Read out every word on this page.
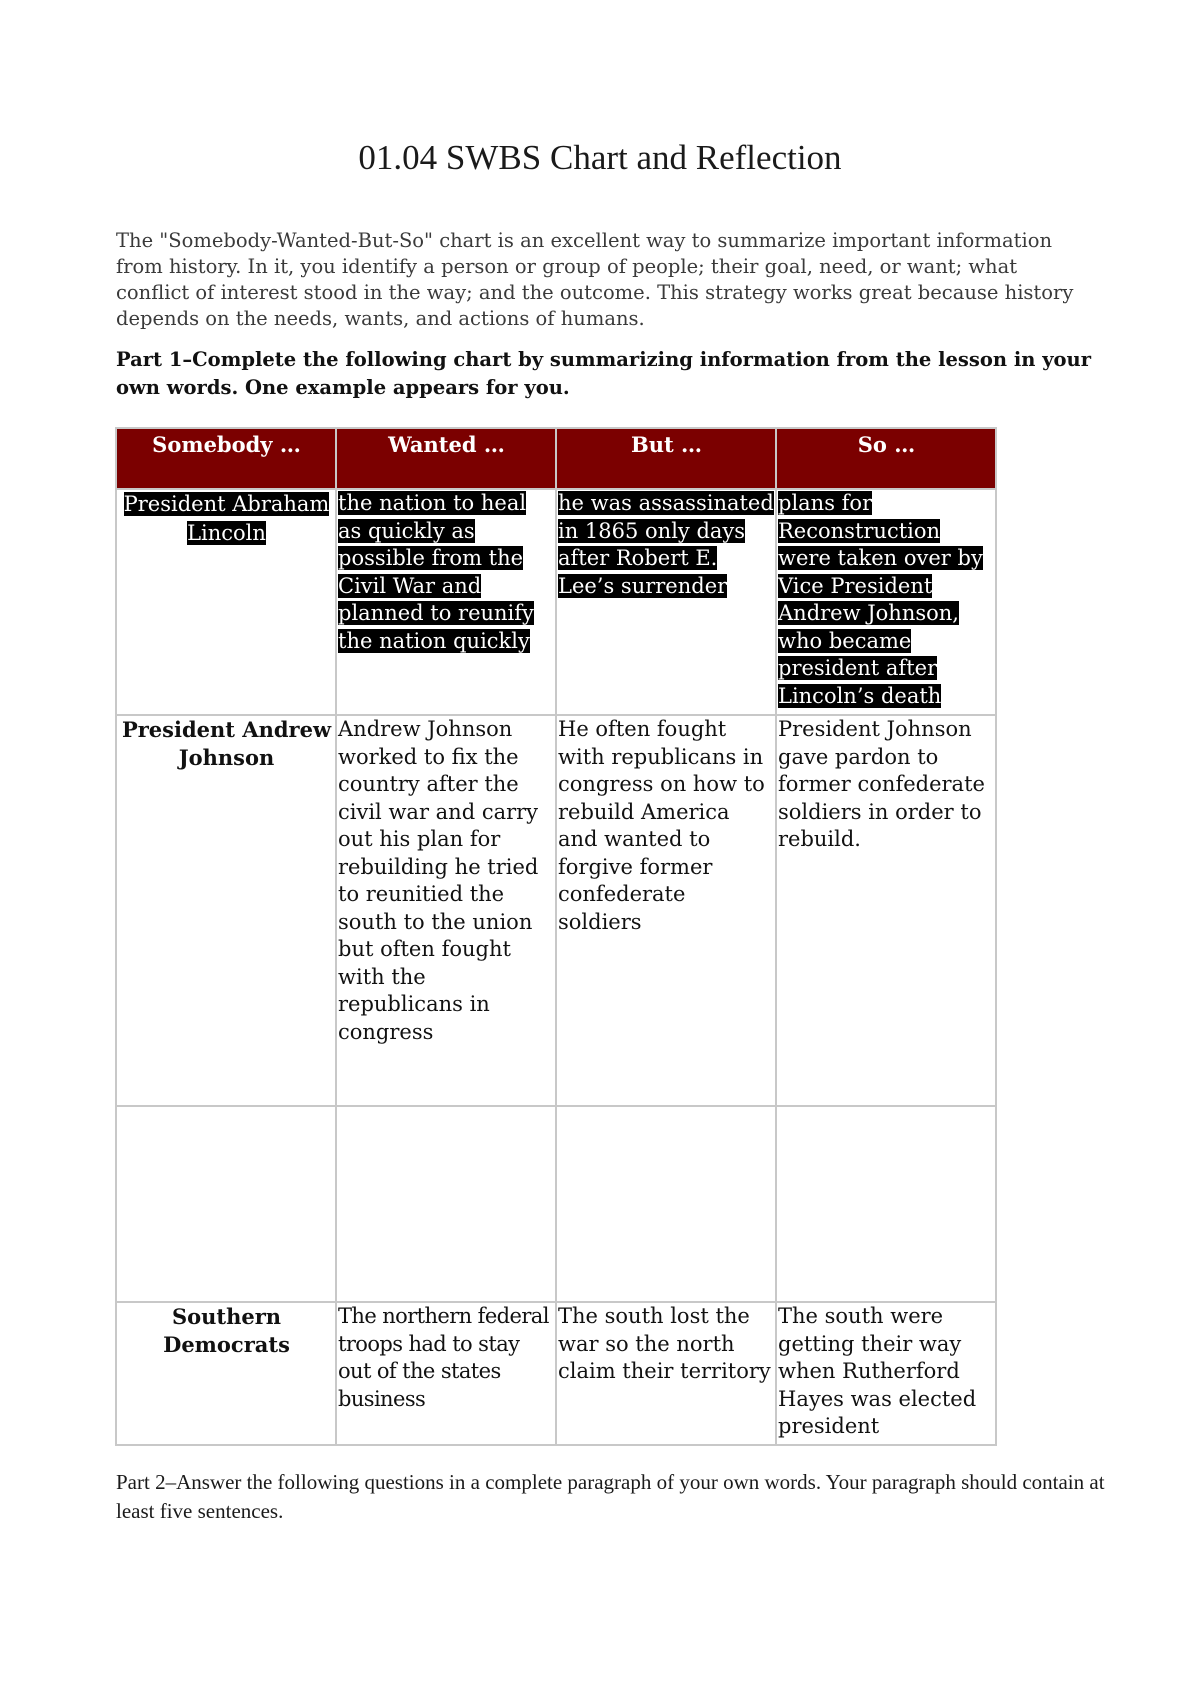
01.04 SWBS Chart and Reflection

The "Somebody-Wanted-But-So" chart is an excellent way to summarize important information from history. In it, you identify a person or group of people; their goal, need, or want; what conflict of interest stood in the way; and the outcome. This strategy works great because history depends on the needs, wants, and actions of humans.

Part 1–Complete the following chart by summarizing information from the lesson in your own words. One example appears for you.

Somebody …	Wanted …	But …	So …
President Abraham Lincoln	the nation to heal as quickly as possible from the Civil War and planned to reunify the nation quickly	he was assassinated in 1865 only days after Robert E. Lee’s surrender	plans for Reconstruction were taken over by Vice President Andrew Johnson, who became president after Lincoln’s death
President Andrew Johnson	Andrew Johnson worked to fix the country after the civil war and carry out his plan for rebuilding he tried to reunitied the south to the union but often fought with the republicans in congress	He often fought with republicans in congress on how to rebuild America and wanted to forgive former confederate soldiers	President Johnson gave pardon to former confederate soldiers in order to rebuild.

Southern Democrats	The northern federal troops had to stay out of the states business	The south lost the war so the north claim their territory	The south were getting their way when Rutherford Hayes was elected president

Part 2–Answer the following questions in a complete paragraph of your own words. Your paragraph should contain at least five sentences.
